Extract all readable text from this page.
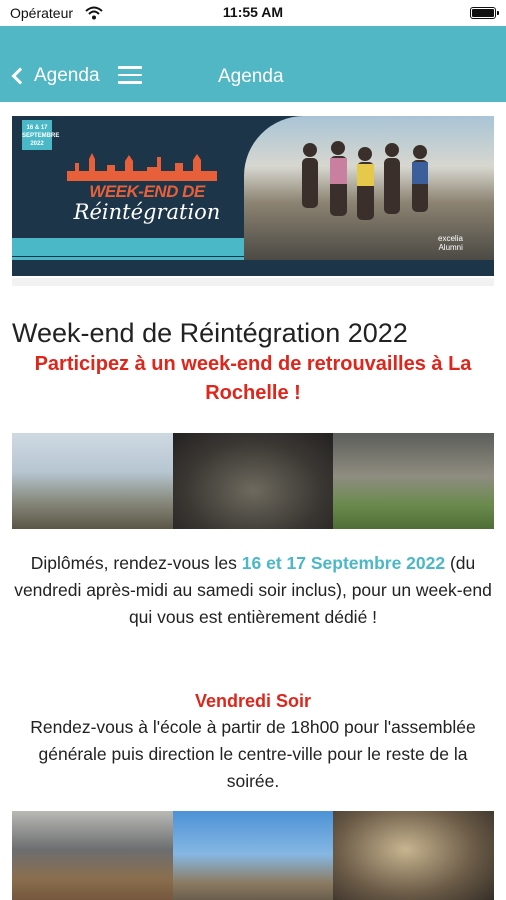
Opérateur	11:55 AM
Agenda	Agenda
16 & 17
SEPTEMBRE
2022
WEEK-END DE
Réintégration
excelia
Alumni
Week-end de Réintégration 2022
Participez à un week-end de retrouvailles à La Rochelle !
Diplômés, rendez-vous les 16 et 17 Septembre 2022 (du vendredi après-midi au samedi soir inclus), pour un week-end qui vous est entièrement dédié !
Vendredi Soir
Rendez-vous à l'école à partir de 18h00 pour l'assemblée générale puis direction le centre-ville pour le reste de la soirée.
